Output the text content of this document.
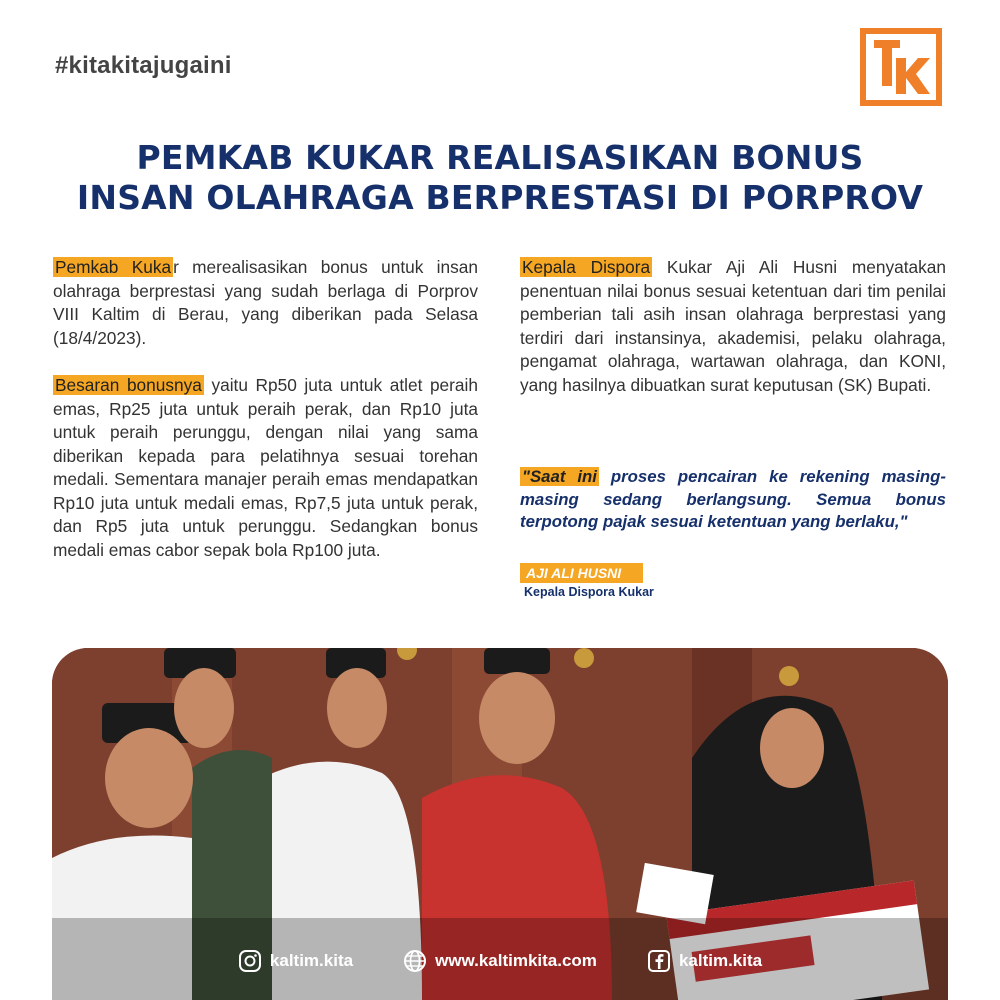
#kitakitajugaini
PEMKAB KUKAR REALISASIKAN BONUS
INSAN OLAHRAGA BERPRESTASI DI PORPROV

Pemkab Kuka r merealisasikan bonus untuk insan olahraga berprestasi yang sudah berlaga di Porprov VIII Kaltim di Berau, yang diberikan pada Selasa (18/4/2023).

Besaran bonusnya yaitu Rp50 juta untuk atlet peraih emas, Rp25 juta untuk peraih perak, dan Rp10 juta untuk peraih perunggu, dengan nilai yang sama diberikan kepada para pelatihnya sesuai torehan medali. Sementara manajer peraih emas mendapatkan Rp10 juta untuk medali emas, Rp7,5 juta untuk perak, dan Rp5 juta untuk perunggu. Sedangkan bonus medali emas cabor sepak bola Rp100 juta.

Kepala Dispora Kukar Aji Ali Husni menyatakan penentuan nilai bonus sesuai ketentuan dari tim penilai pemberian tali asih insan olahraga berprestasi yang terdiri dari instansinya, akademisi, pelaku olahraga, pengamat olahraga, wartawan olahraga, dan KONI, yang hasilnya dibuatkan surat keputusan (SK) Bupati.

"Saat ini proses pencairan ke rekening masing-masing sedang berlangsung. Semua bonus terpotong pajak sesuai ketentuan yang berlaku,"
AJI ALI HUSNI
Kepala Dispora Kukar
kaltim.kita	www.kaltimkita.com	kaltim.kita
